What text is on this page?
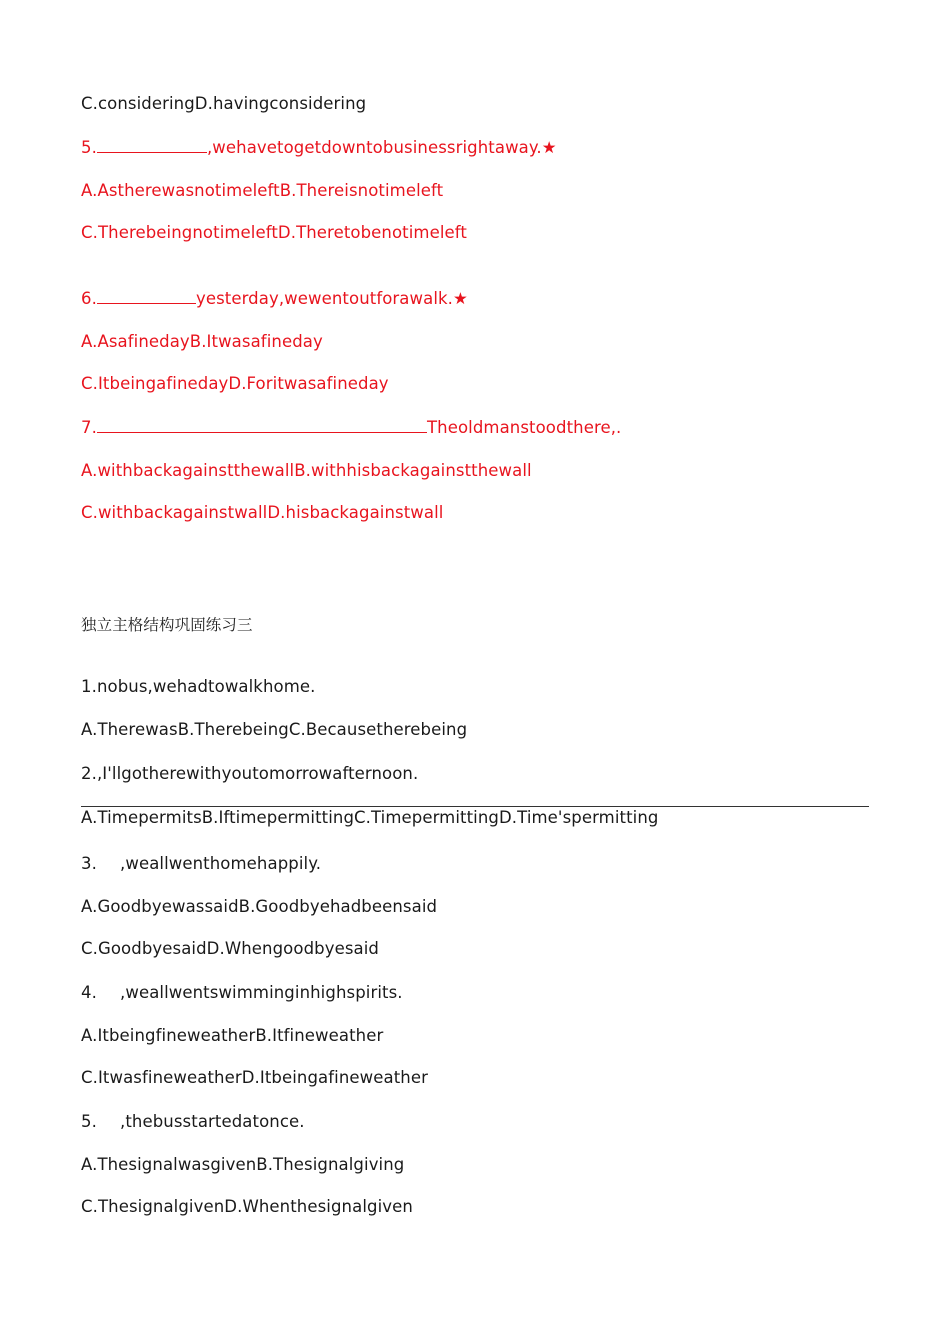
C.consideringD.havingconsidering
5.	,wehavetogetdowntobusinessrightaway.★
A.AstherewasnotimeleftB.Thereisnotimeleft
C.TherebeingnotimeleftD.Theretobenotimeleft
6.	yesterday,wewentoutforawalk.★
A.AsafinedayB.Itwasafineday
C.ItbeingafinedayD.Foritwasafineday
7.	Theoldmanstoodthere,.
A.withbackagainstthewallB.withhisbackagainstthewall
C.withbackagainstwallD.hisbackagainstwall
独立主格结构巩固练习三
1.nobus,wehadtowalkhome.
A.TherewasB.TherebeingC.Becausetherebeing
2.,I'llgotherewithyoutomorrowafternoon.
A.TimepermitsB.IftimepermittingC.TimepermittingD.Time'spermitting
3. ,weallwenthomehappily.
A.GoodbyewassaidB.Goodbyehadbeensaid
C.GoodbyesaidD.Whengoodbyesaid
4. ,weallwentswimminginhighspirits.
A.ItbeingfineweatherB.Itfineweather
C.ItwasfineweatherD.Itbeingafineweather
5. ,thebusstartedatonce.
A.ThesignalwasgivenB.Thesignalgiving
C.ThesignalgivenD.Whenthesignalgiven
